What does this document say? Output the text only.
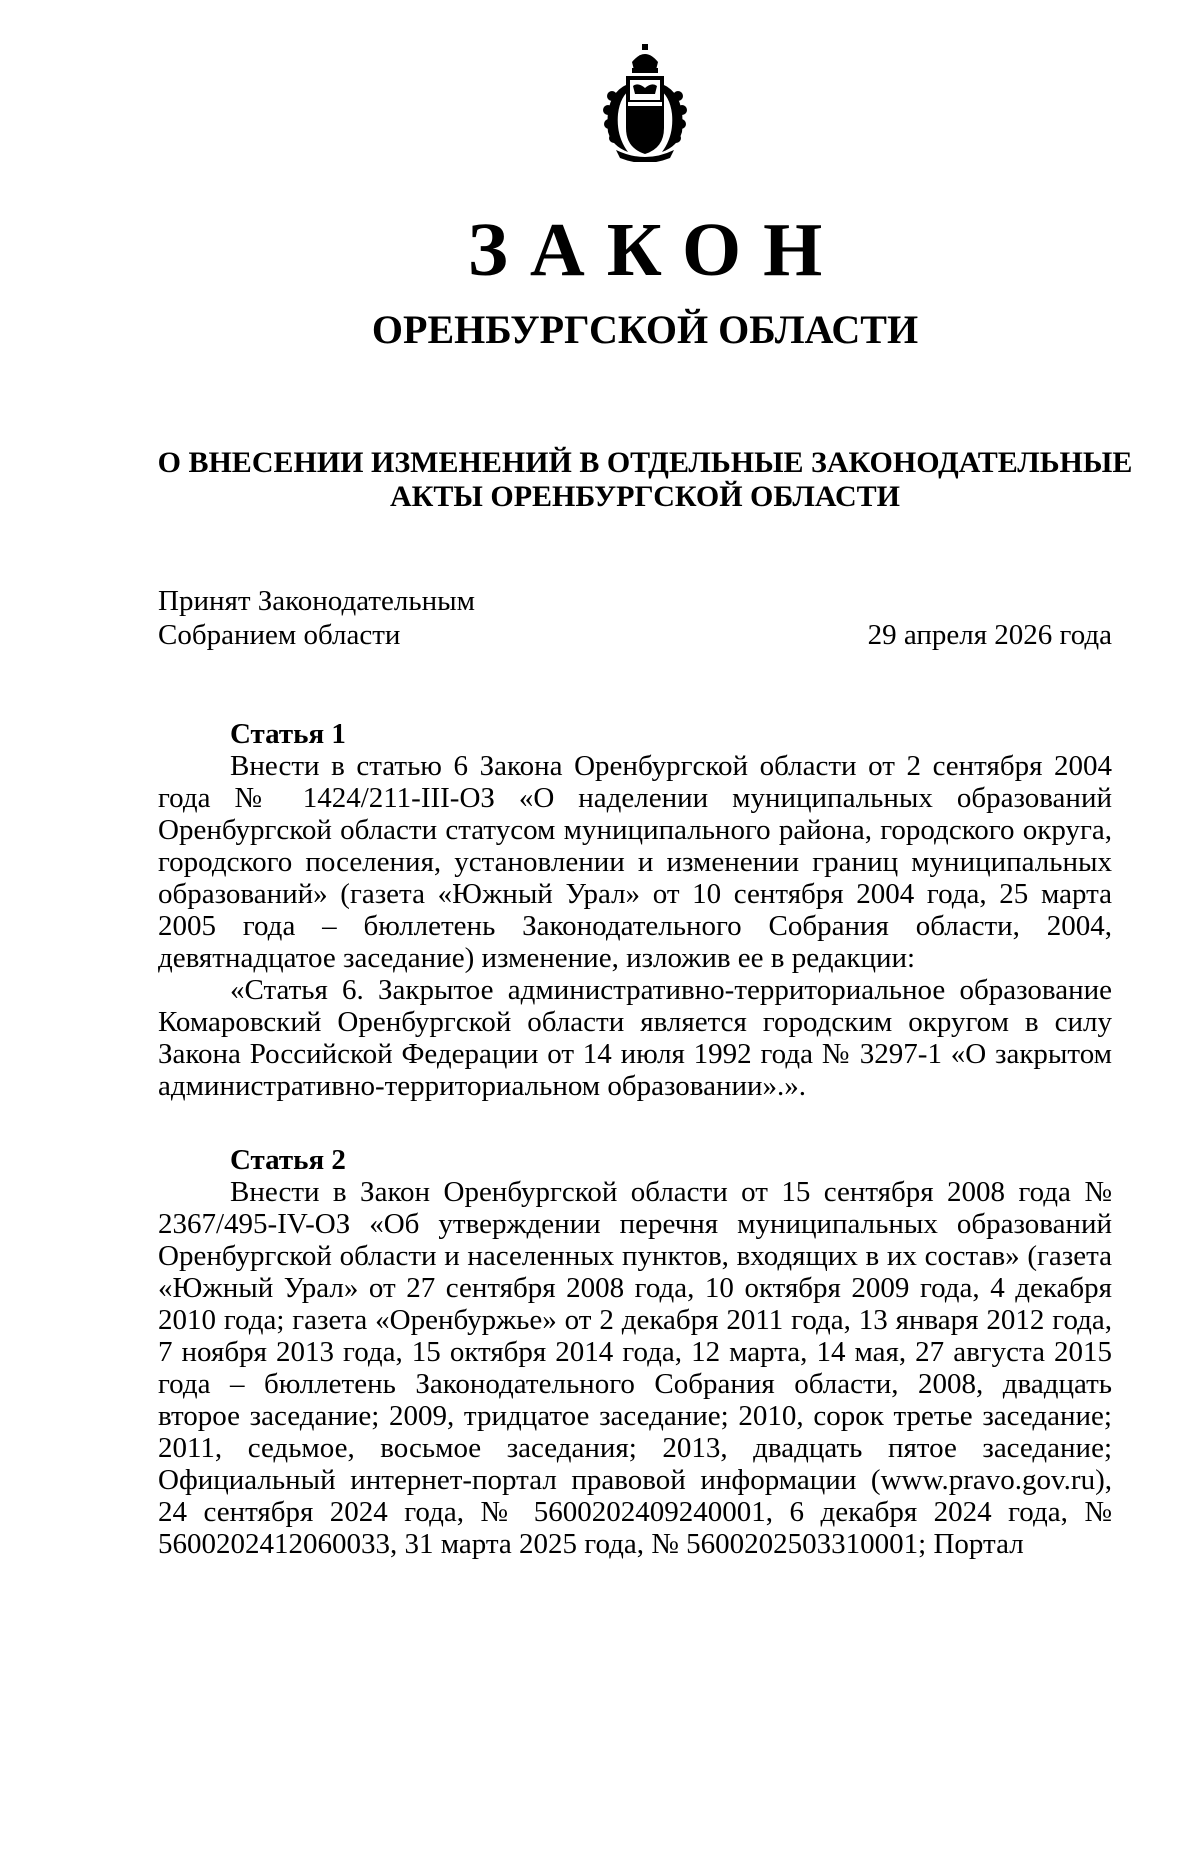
ЗАКОН
ОРЕНБУРГСКОЙ ОБЛАСТИ

О ВНЕСЕНИИ ИЗМЕНЕНИЙ В ОТДЕЛЬНЫЕ ЗАКОНОДАТЕЛЬНЫЕ АКТЫ ОРЕНБУРГСКОЙ ОБЛАСТИ

Принят Законодательным
Собранием области	29 апреля 2026 года

Статья 1

Внести в статью 6 Закона Оренбургской области от 2 сентября 2004 года № 1424/211-III-ОЗ «О наделении муниципальных образований Оренбургской области статусом муниципального района, городского округа, городского поселения, установлении и изменении границ муниципальных образований» (газета «Южный Урал» от 10 сентября 2004 года, 25 марта 2005 года – бюллетень Законодательного Собрания области, 2004, девятнадцатое заседание) изменение, изложив ее в редакции:

«Статья 6. Закрытое административно-территориальное образование Комаровский Оренбургской области является городским округом в силу Закона Российской Федерации от 14 июля 1992 года № 3297-1 «О закрытом административно-территориальном образовании».».

Статья 2

Внести в Закон Оренбургской области от 15 сентября 2008 года № 2367/495-IV-ОЗ «Об утверждении перечня муниципальных образований Оренбургской области и населенных пунктов, входящих в их состав» (газета «Южный Урал» от 27 сентября 2008 года, 10 октября 2009 года, 4 декабря 2010 года; газета «Оренбуржье» от 2 декабря 2011 года, 13 января 2012 года, 7 ноября 2013 года, 15 октября 2014 года, 12 марта, 14 мая, 27 августа 2015 года – бюллетень Законодательного Собрания области, 2008, двадцать второе заседание; 2009, тридцатое заседание; 2010, сорок третье заседание; 2011, седьмое, восьмое заседания; 2013, двадцать пятое заседание; Официальный интернет-портал правовой информации (www.pravo.gov.ru), 24 сентября 2024 года, № 5600202409240001, 6 декабря 2024 года, № 5600202412060033, 31 марта 2025 года, № 5600202503310001; Портал
